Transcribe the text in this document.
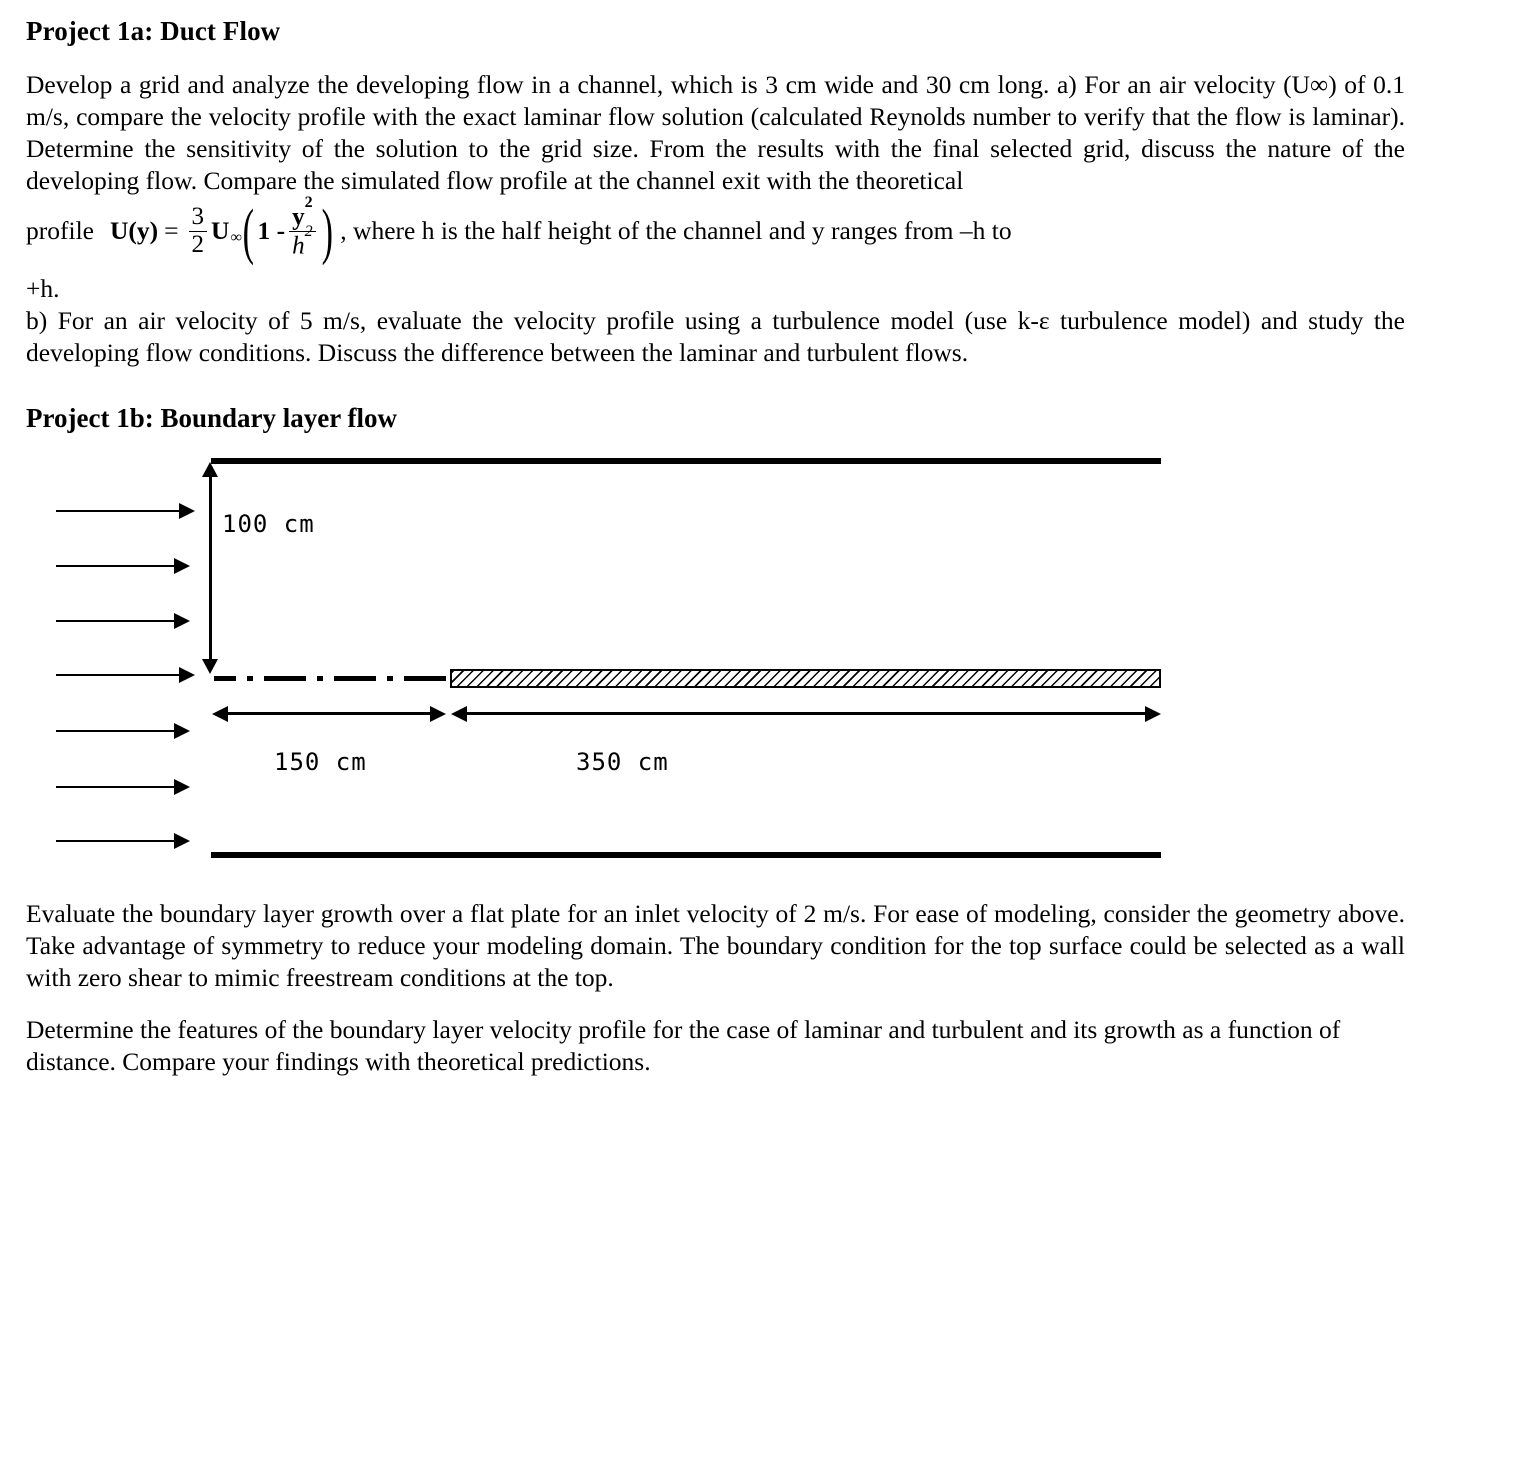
Project 1a: Duct Flow

Develop a grid and analyze the developing flow in a channel, which is 3 cm wide and 30 cm long. a) For an air velocity (U∞) of 0.1 m/s, compare the velocity profile with the exact laminar flow solution (calculated Reynolds number to verify that the flow is laminar). Determine the sensitivity of the solution to the grid size. From the results with the final selected grid, discuss the nature of the developing flow. Compare the simulated flow profile at the channel exit with the theoretical

profile $U(y) = \frac{3}{2}$ U ∞ ( $1 - \frac{y^2}{h^2}$ ) , where h is the half height of the channel and y ranges from –h to

+h.

b) For an air velocity of 5 m/s, evaluate the velocity profile using a turbulence model (use k-ε turbulence model) and study the developing flow conditions. Discuss the difference between the laminar and turbulent flows.

Project 1b: Boundary layer flow
100 cm
150 cm	350 cm

Evaluate the boundary layer growth over a flat plate for an inlet velocity of 2 m/s. For ease of modeling, consider the geometry above. Take advantage of symmetry to reduce your modeling domain. The boundary condition for the top surface could be selected as a wall with zero shear to mimic freestream conditions at the top.

Determine the features of the boundary layer velocity profile for the case of laminar and turbulent and its growth as a function of distance. Compare your findings with theoretical predictions.
